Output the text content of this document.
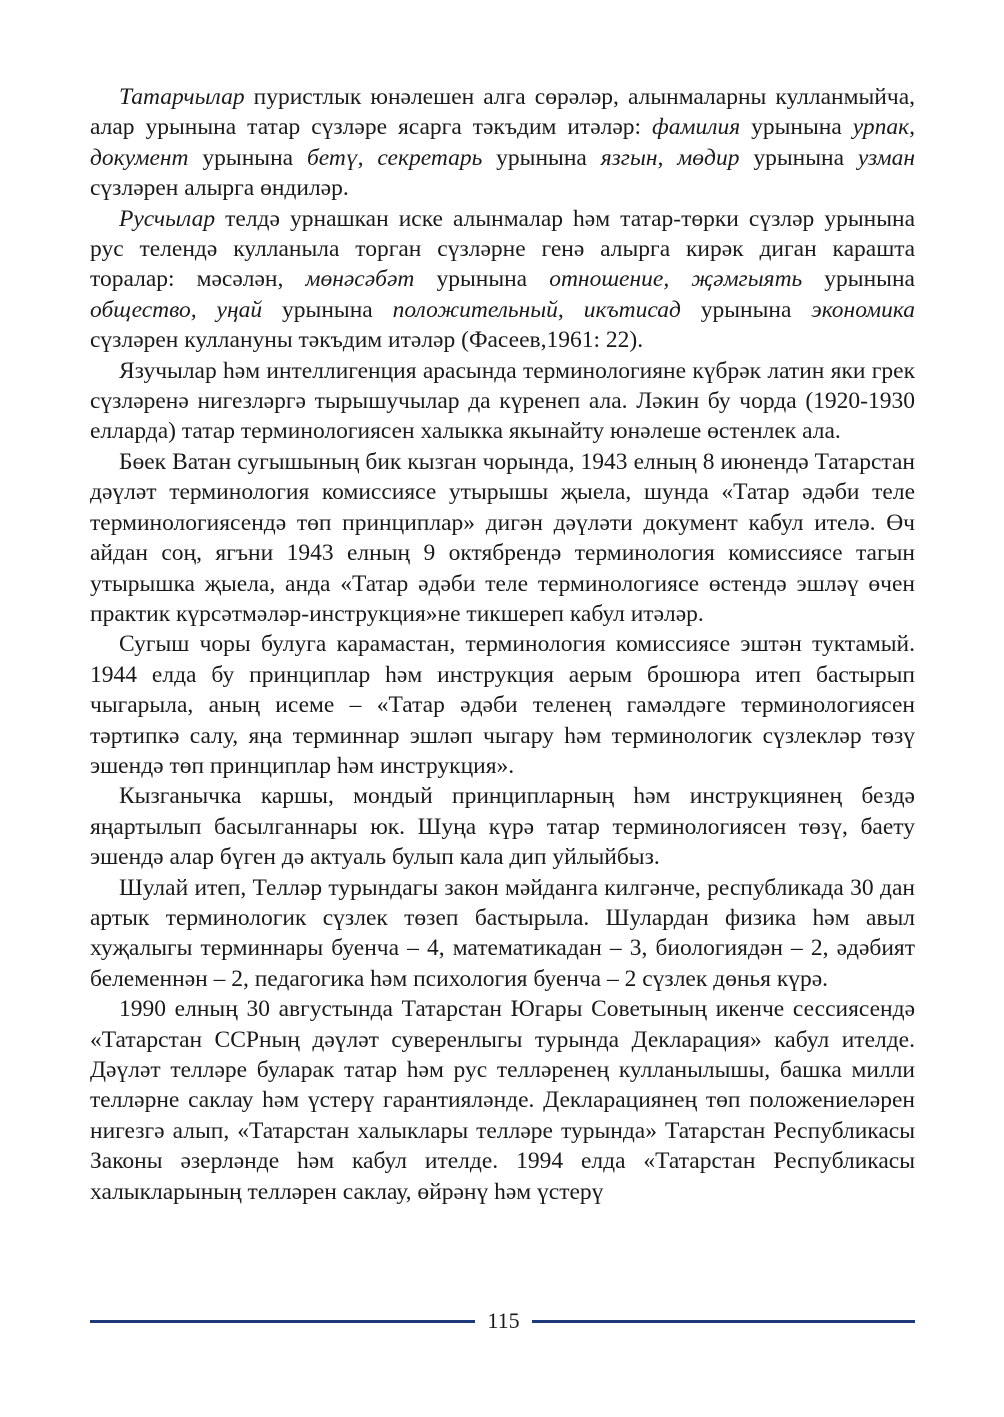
Татарчылар пуристлык юнәлешен алга сөрәләр, алынмаларны кулланмыйча, алар урынына татар сүзләре ясарга тәкъдим итәләр: фамилия урынына урпак, документ урынына бетү, секретарь урынына язгын, мөдир урынына узман сүзләрен алырга өндиләр.

Русчылар телдә урнашкан иске алынмалар һәм татар-төрки сүзләр урынына рус телендә кулланыла торган сүзләрне генә алырга кирәк диган караштa торалар: мәсәлән, мөнәсәбәт урынына отношение, җәмгыять урынына общество, уңай урынына положительный, икътисад урынына экономика сүзләрен куллануны тәкъдим итәләр (Фасеев,1961: 22).

Язучылар һәм интеллигенция арасында терминологияне күбрәк латин яки грек сүзләренә нигезләргә тырышучылар да күренеп ала. Ләкин бу чорда (1920-1930 елларда) татар терминологиясен халыкка якынайту юнәлеше өстенлек ала.

Бөек Ватан сугышының бик кызган чорында, 1943 елның 8 июнендә Татарстан дәүләт терминология комиссиясе утырышы җыела, шунда «Татар әдәби теле терминологиясендә төп принциплар» дигән дәүләти документ кабул ителә. Өч айдан соң, ягъни 1943 елның 9 октябрендә терминология комиссиясе тагын утырышка җыела, анда «Татар әдәби теле терминологиясе өстендә эшләү өчен практик күрсәтмәләр-инструкция»не тикшереп кабул итәләр.

Сугыш чоры булуга карамастан, терминология комиссиясе эштән туктамый. 1944 елда бу принциплар һәм инструкция аерым брошюра итеп бастырып чыгарыла, аның исеме – «Татар әдәби теленең гамәлдәге терминологиясен тәртипкә салу, яңа терминнар эшләп чыгару һәм терминологик сүзлекләр төзү эшендә төп принциплар һәм инструкция».

Кызганычка каршы, мондый принципларның һәм инструкциянең бездә яңартылып басылганнары юк. Шуңа күрә татар терминологиясен төзү, баету эшендә алар бүген дә актуаль булып кала дип уйлыйбыз.

Шулай итеп, Телләр турындагы закон мәйданга килгәнче, республикада 30 дан артык терминологик сүзлек төзеп бастырыла. Шулардан физика һәм авыл хуҗалыгы терминнары буенча – 4, математикадан – 3, биологиядән – 2, әдәбият белеменнән – 2, педагогика һәм психология буенча – 2 сүзлек дөнья күрә.

1990 елның 30 августында Татарстан Югары Советының икенче сессиясендә «Татарстан ССРның дәүләт суверенлыгы турында Декларация» кабул ителде. Дәүләт телләре буларак татар һәм рус телләренең кулланылышы, башка милли телләрне саклау һәм үстерү гарантияләнде. Декларациянең төп положениеләрен нигезгә алып, «Татарстан халыклары телләре турында» Татарстан Республикасы Законы әзерләнде һәм кабул ителде. 1994 елда «Татарстан Республикасы халыкларының телләрен саклау, өйрәнү һәм үстерү

115
